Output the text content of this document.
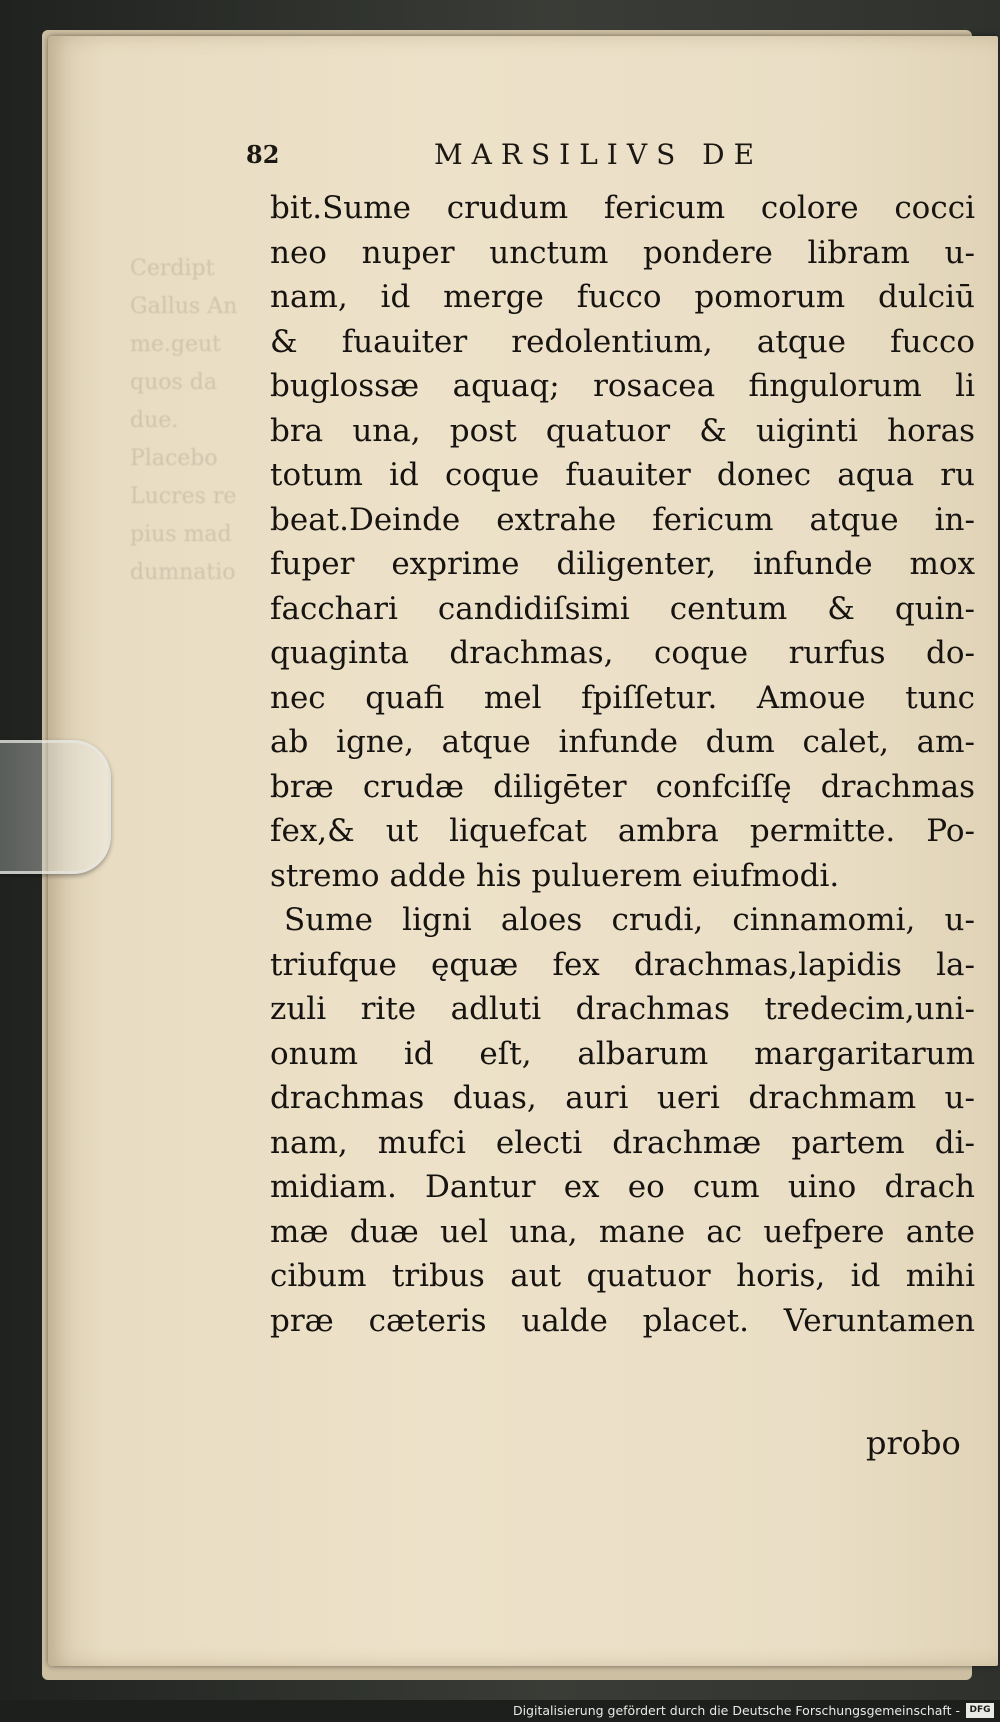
Cerdipt
Gallus An
me.geut
quos da
due.
Placebo
Lucres re
pius mad
dumnatio
82	MARSILIVS DE
bit.Sume crudum fericum colore cocci
neo nuper unctum pondere libram u-
nam, id merge fucco pomorum dulciū
& fuauiter redolentium, atque fucco
buglossæ aquaq; rosacea fingulorum li
bra una, post quatuor & uiginti horas
totum id coque fuauiter donec aqua ru
beat.Deinde extrahe fericum atque in-
fuper exprime diligenter, infunde mox
facchari candidiſsimi centum & quin-
quaginta drachmas, coque rurfus do-
nec quafi mel fpiſſetur. Amoue tunc
ab igne, atque infunde dum calet, am-
bræ crudæ diligēter confciſſę drachmas
fex,& ut liquefcat ambra permitte. Po-
stremo adde his puluerem eiufmodi.
Sume ligni aloes crudi, cinnamomi, u-
triufque ęquæ fex drachmas,lapidis la-
zuli rite adluti drachmas tredecim,uni-
onum id eſt, albarum margaritarum
drachmas duas, auri ueri drachmam u-
nam, mufci electi drachmæ partem di-
midiam. Dantur ex eo cum uino drach
mæ duæ uel una, mane ac uefpere ante
cibum tribus aut quatuor horis, id mihi
præ cæteris ualde placet. Veruntamen
probo
Digitalisierung gefördert durch die Deutsche Forschungsgemeinschaft -	DFG
